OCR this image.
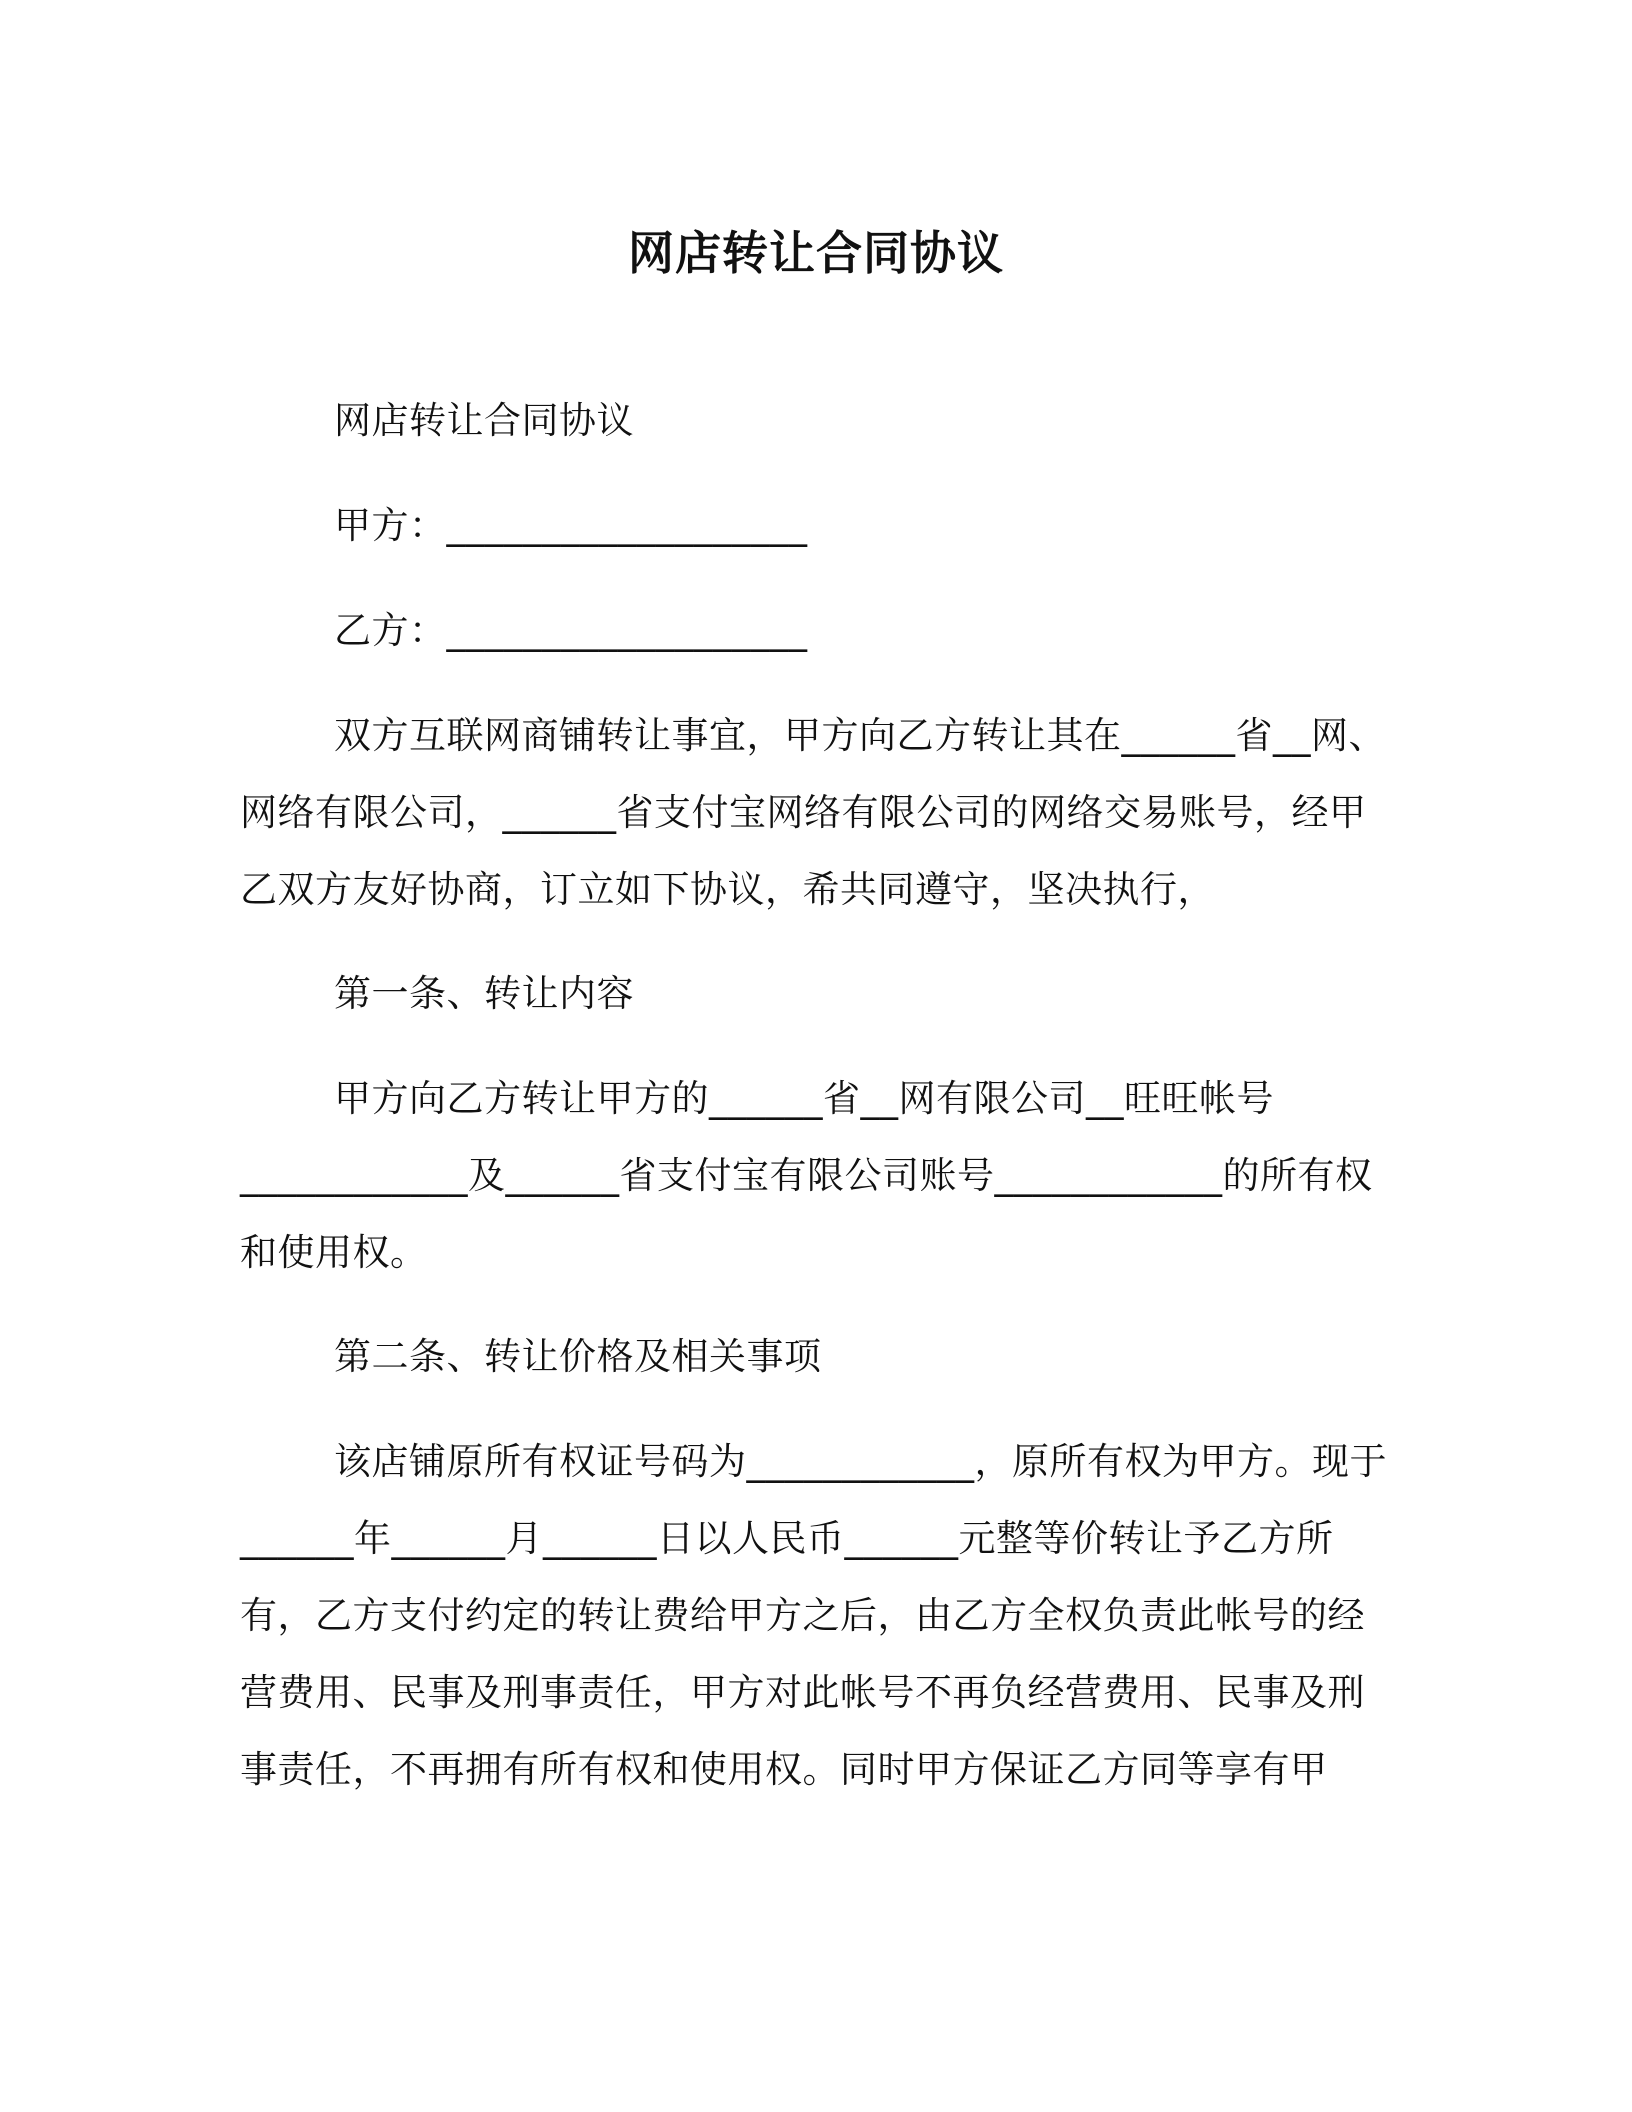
网店转让合同协议
网店转让合同协议
甲方：___________________
乙方：___________________

双方互联网商铺转让事宜，甲方向乙方转让其在______省__网、网络有限公司，______省支付宝网络有限公司的网络交易账号，经甲乙双方友好协商，订立如下协议，希共同遵守，坚决执行，

第一条、转让内容

甲方向乙方转让甲方的______省__网有限公司__旺旺帐号____________及______省支付宝有限公司账号____________的所有权和使用权。

第二条、转让价格及相关事项

该店铺原所有权证号码为____________，原所有权为甲方。现于______年______月______日以人民币______元整等价转让予乙方所有，乙方支付约定的转让费给甲方之后，由乙方全权负责此帐号的经营费用、民事及刑事责任，甲方对此帐号不再负经营费用、民事及刑事责任，不再拥有所有权和使用权。同时甲方保证乙方同等享有甲
